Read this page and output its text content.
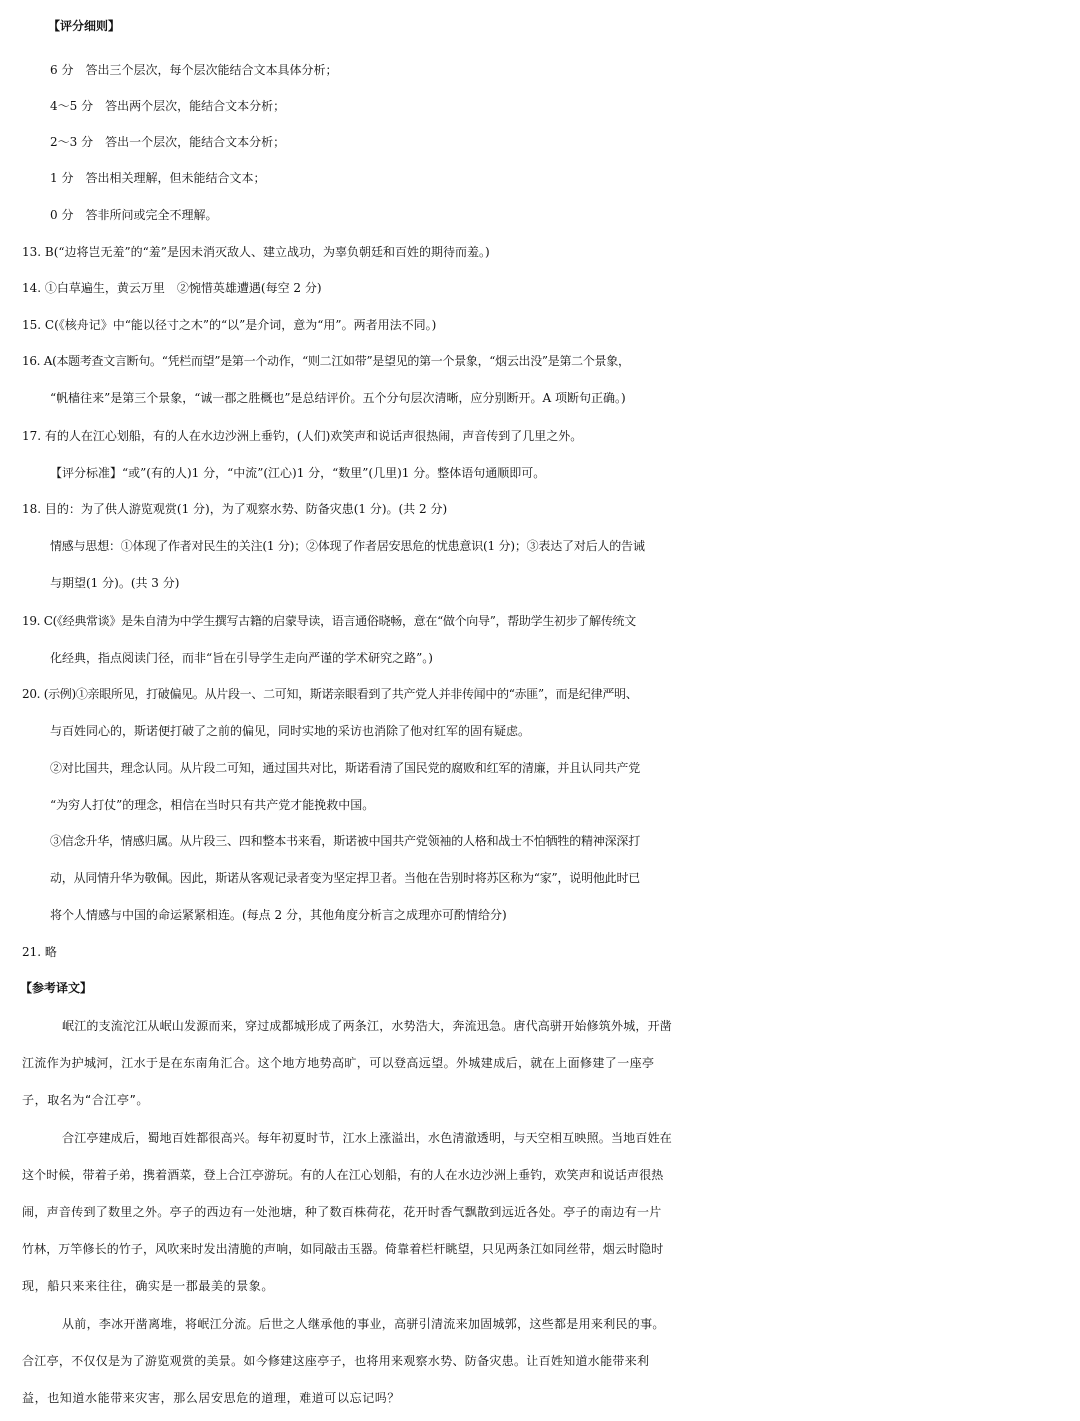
【评分细则】
6 分　答出三个层次，每个层次能结合文本具体分析；
4～5 分　答出两个层次，能结合文本分析；
2～3 分　答出一个层次，能结合文本分析；
1 分　答出相关理解，但未能结合文本；
0 分　答非所问或完全不理解。
13. B(“边将岂无羞”的“羞”是因未消灭敌人、建立战功，为辜负朝廷和百姓的期待而羞。)
14. ①白草遍生，黄云万里　②惋惜英雄遭遇(每空 2 分)
15. C(《核舟记》中“能以径寸之木”的“以”是介词，意为“用”。两者用法不同。)
16. A(本题考查文言断句。“凭栏而望”是第一个动作，“则二江如带”是望见的第一个景象，“烟云出没”是第二个景象，
“帆樯往来”是第三个景象，“诚一郡之胜概也”是总结评价。五个分句层次清晰，应分别断开。A 项断句正确。)
17. 有的人在江心划船，有的人在水边沙洲上垂钓，(人们)欢笑声和说话声很热闹，声音传到了几里之外。
【评分标准】“或”(有的人)1 分，“中流”(江心)1 分，“数里”(几里)1 分。整体语句通顺即可。
18. 目的：为了供人游览观赏(1 分)，为了观察水势、防备灾患(1 分)。(共 2 分)
情感与思想：①体现了作者对民生的关注(1 分)；②体现了作者居安思危的忧患意识(1 分)；③表达了对后人的告诫
与期望(1 分)。(共 3 分)
19. C(《经典常谈》是朱自清为中学生撰写古籍的启蒙导读，语言通俗晓畅，意在“做个向导”，帮助学生初步了解传统文
化经典，指点阅读门径，而非“旨在引导学生走向严谨的学术研究之路”。)
20. (示例)①亲眼所见，打破偏见。从片段一、二可知，斯诺亲眼看到了共产党人并非传闻中的“赤匪”，而是纪律严明、
与百姓同心的，斯诺便打破了之前的偏见，同时实地的采访也消除了他对红军的固有疑虑。
②对比国共，理念认同。从片段二可知，通过国共对比，斯诺看清了国民党的腐败和红军的清廉，并且认同共产党
“为穷人打仗”的理念，相信在当时只有共产党才能挽救中国。
③信念升华，情感归属。从片段三、四和整本书来看，斯诺被中国共产党领袖的人格和战士不怕牺牲的精神深深打
动，从同情升华为敬佩。因此，斯诺从客观记录者变为坚定捍卫者。当他在告别时将苏区称为“家”，说明他此时已
将个人情感与中国的命运紧紧相连。(每点 2 分，其他角度分析言之成理亦可酌情给分)
21. 略
【参考译文】
岷江的支流沱江从岷山发源而来，穿过成都城形成了两条江，水势浩大，奔流迅急。唐代高骈开始修筑外城，开凿
江流作为护城河，江水于是在东南角汇合。这个地方地势高旷，可以登高远望。外城建成后，就在上面修建了一座亭
子，取名为“合江亭”。
合江亭建成后，蜀地百姓都很高兴。每年初夏时节，江水上涨溢出，水色清澈透明，与天空相互映照。当地百姓在
这个时候，带着子弟，携着酒菜，登上合江亭游玩。有的人在江心划船，有的人在水边沙洲上垂钓，欢笑声和说话声很热
闹，声音传到了数里之外。亭子的西边有一处池塘，种了数百株荷花，花开时香气飘散到远近各处。亭子的南边有一片
竹林，万竿修长的竹子，风吹来时发出清脆的声响，如同敲击玉器。倚靠着栏杆眺望，只见两条江如同丝带，烟云时隐时
现，船只来来往往，确实是一郡最美的景象。
从前，李冰开凿离堆，将岷江分流。后世之人继承他的事业，高骈引清流来加固城郭，这些都是用来利民的事。
合江亭，不仅仅是为了游览观赏的美景。如今修建这座亭子，也将用来观察水势、防备灾患。让百姓知道水能带来利
益，也知道水能带来灾害，那么居安思危的道理，难道可以忘记吗？
